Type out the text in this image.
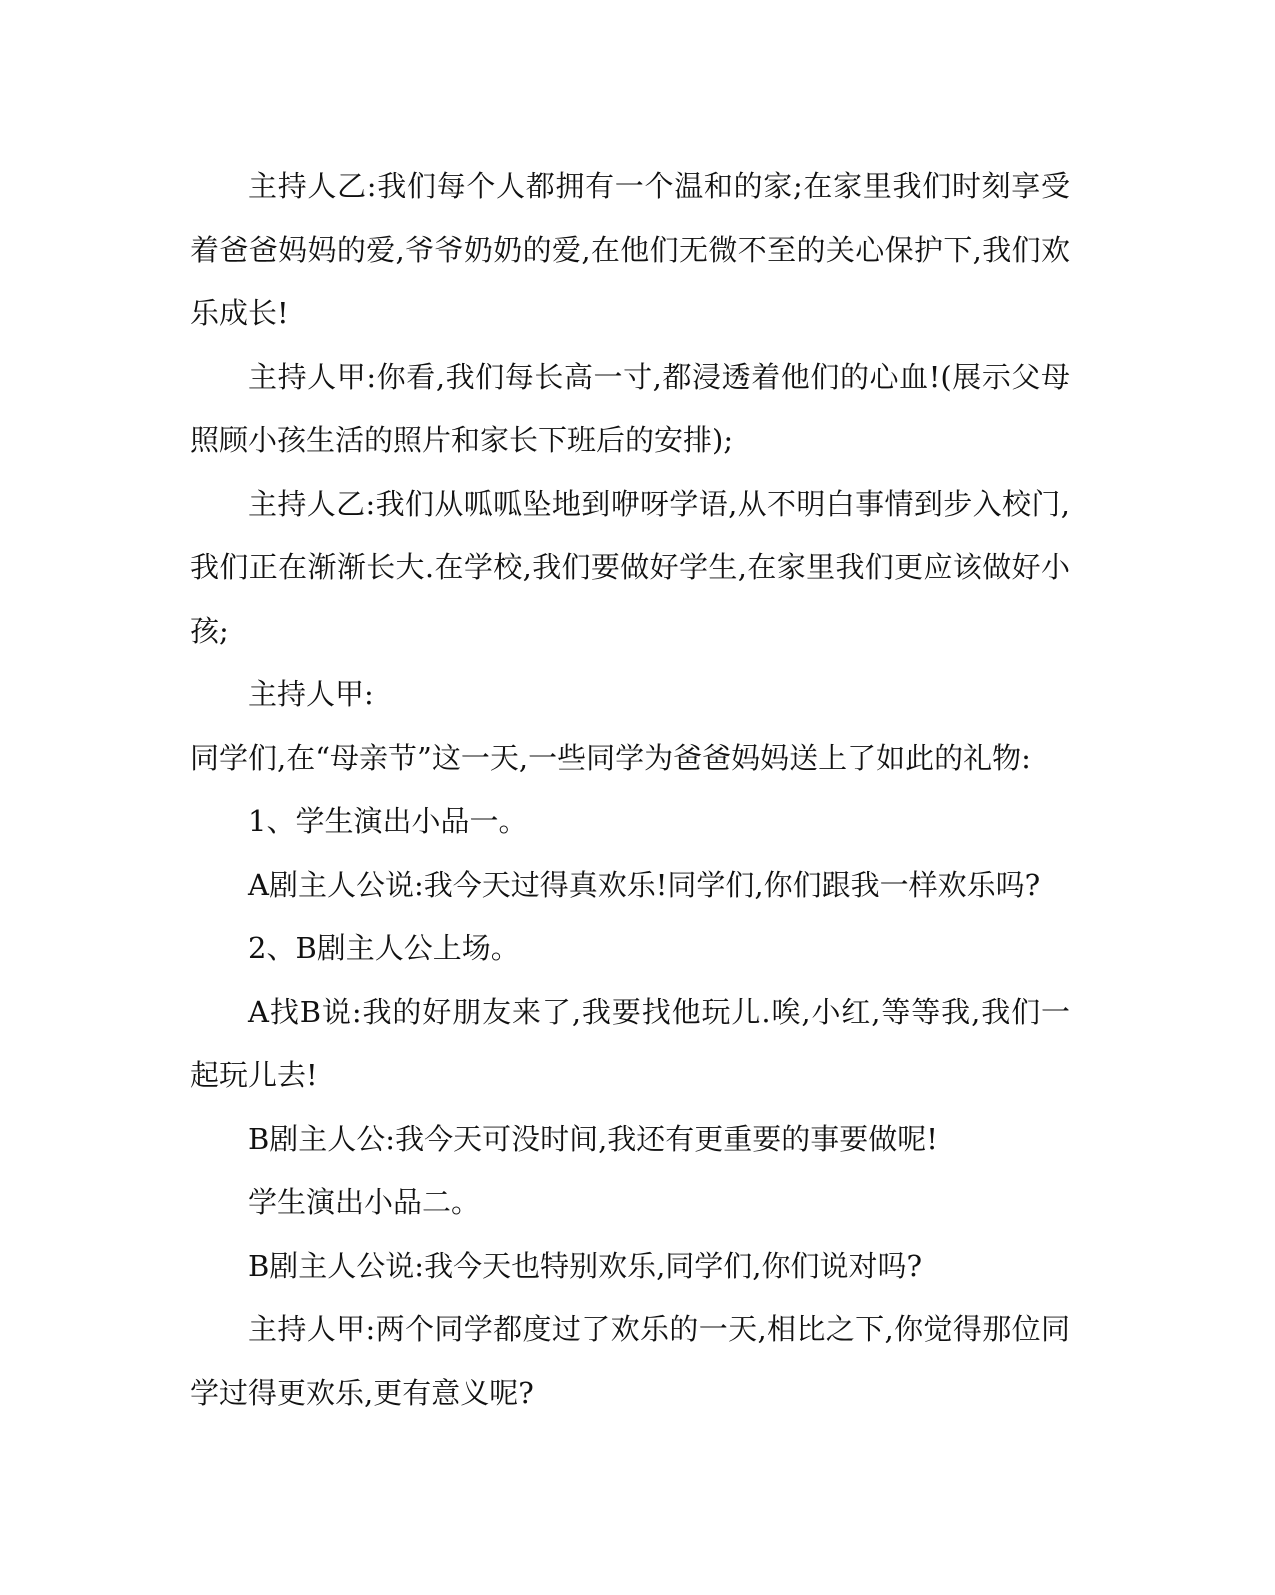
主持人乙:我们每个人都拥有一个温和的家;在家里我们时刻享受着爸爸妈妈的爱,爷爷奶奶的爱,在他们无微不至的关心保护下,我们欢乐成长!

主持人甲:你看,我们每长高一寸,都浸透着他们的心血!(展示父母照顾小孩生活的照片和家长下班后的安排);

主持人乙:我们从呱呱坠地到咿呀学语,从不明白事情到步入校门,我们正在渐渐长大.在学校,我们要做好学生,在家里我们更应该做好小孩;

主持人甲:

同学们,在“母亲节”这一天,一些同学为爸爸妈妈送上了如此的礼物:

1、学生演出小品一。

A剧主人公说:我今天过得真欢乐!同学们,你们跟我一样欢乐吗?

2、B剧主人公上场。

A找B说:我的好朋友来了,我要找他玩儿.唉,小红,等等我,我们一起玩儿去!

B剧主人公:我今天可没时间,我还有更重要的事要做呢!

学生演出小品二。

B剧主人公说:我今天也特别欢乐,同学们,你们说对吗?

主持人甲:两个同学都度过了欢乐的一天,相比之下,你觉得那位同学过得更欢乐,更有意义呢?
